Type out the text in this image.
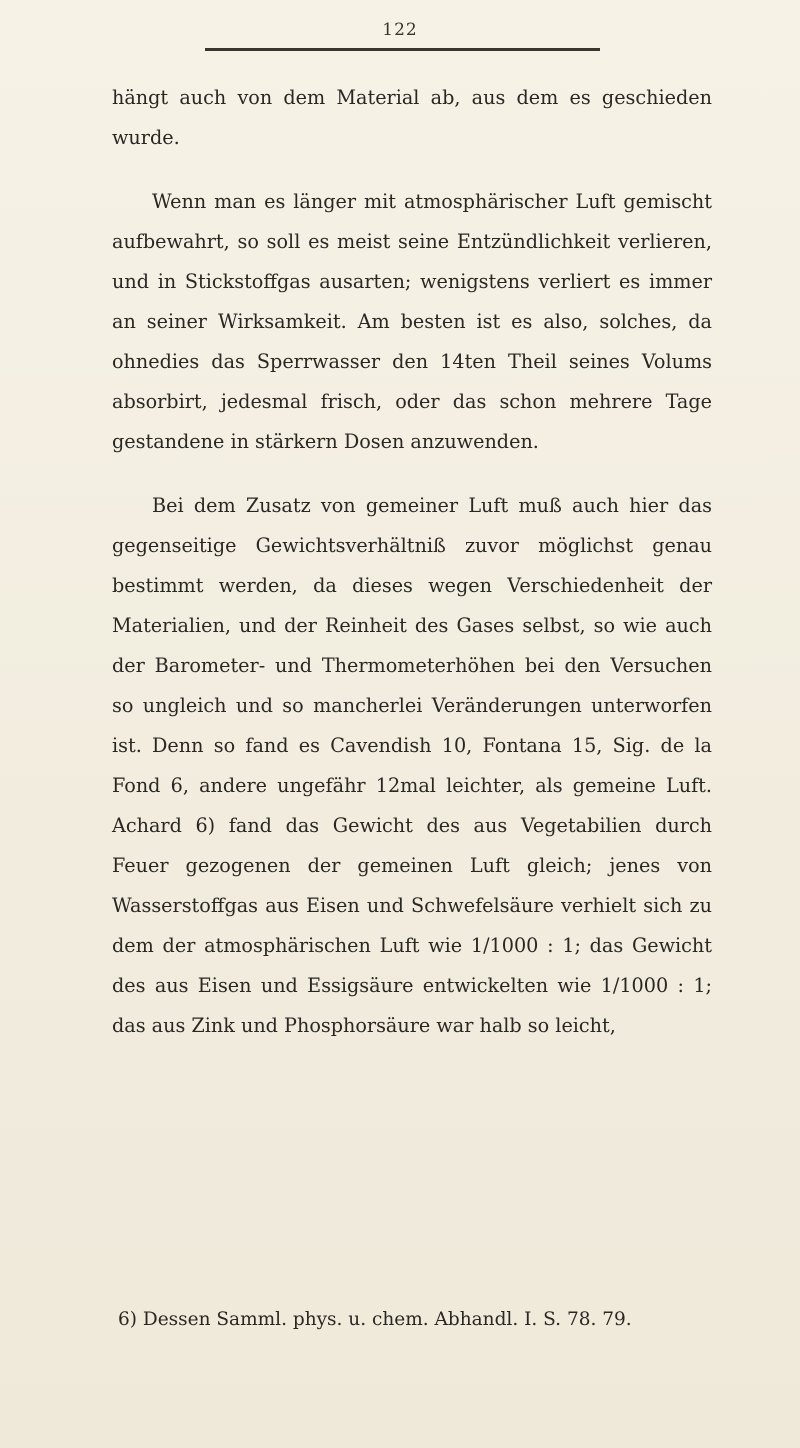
122

hängt auch von dem Material ab, aus dem es geschieden wurde.

Wenn man es länger mit atmosphärischer Luft gemischt aufbewahrt, so soll es meist seine Entzündlichkeit verlieren, und in Stickstoffgas ausarten; wenigstens verliert es immer an seiner Wirksamkeit. Am besten ist es also, solches, da ohnedies das Sperrwasser den 14ten Theil seines Volums absorbirt, jedesmal frisch, oder das schon mehrere Tage gestandene in stärkern Dosen anzuwenden.

Bei dem Zusatz von gemeiner Luft muß auch hier das gegenseitige Gewichtsverhältniß zuvor möglichst genau bestimmt werden, da dieses wegen Verschiedenheit der Materialien, und der Reinheit des Gases selbst, so wie auch der Barometer- und Thermometerhöhen bei den Versuchen so ungleich und so mancherlei Veränderungen unterworfen ist. Denn so fand es Cavendish 10, Fontana 15, Sig. de la Fond 6, andere ungefähr 12mal leichter, als gemeine Luft. Achard 6) fand das Gewicht des aus Vegetabilien durch Feuer gezogenen der gemeinen Luft gleich; jenes von Wasserstoffgas aus Eisen und Schwefelsäure verhielt sich zu dem der atmosphärischen Luft wie 1/1000 : 1; das Gewicht des aus Eisen und Essigsäure entwickelten wie 1/1000 : 1; das aus Zink und Phosphorsäure war halb so leicht,

6) Dessen Samml. phys. u. chem. Abhandl. I. S. 78. 79.
